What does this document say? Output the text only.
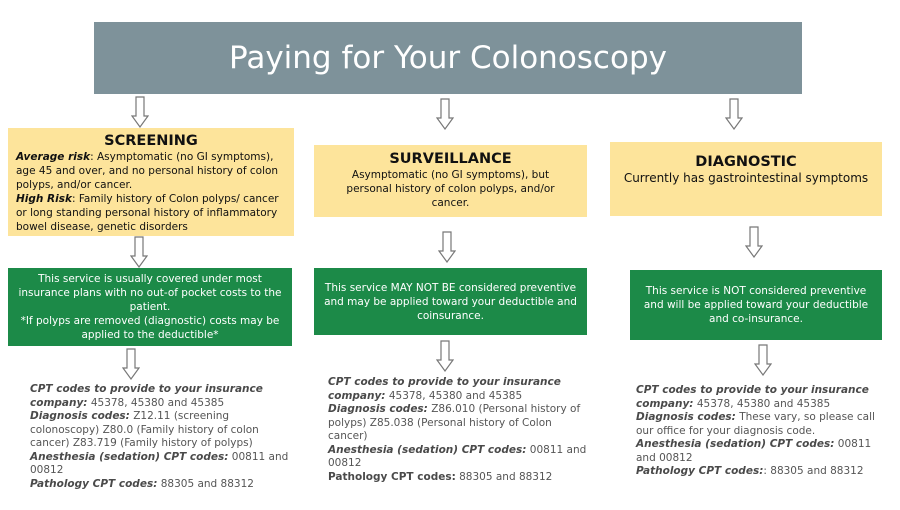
Paying for Your Colonoscopy
SCREENING
Average risk: Asymptomatic (no GI symptoms), age 45 and over, and no personal history of colon polyps, and/or cancer.
High Risk: Family history of Colon polyps/ cancer or long standing personal history of inflammatory bowel disease, genetic disorders
This service is usually covered under most insurance plans with no out-of pocket costs to the patient.
*If polyps are removed (diagnostic) costs may be applied to the deductible*
CPT codes to provide to your insurance company: 45378, 45380 and 45385
Diagnosis codes: Z12.11 (screening colonoscopy) Z80.0 (Family history of colon cancer) Z83.719 (Family history of polyps)
Anesthesia (sedation) CPT codes: 00811 and 00812
Pathology CPT codes: 88305 and 88312
SURVEILLANCE
Asymptomatic (no GI symptoms), but personal history of colon polyps, and/or cancer.
This service MAY NOT BE considered preventive and may be applied toward your deductible and coinsurance.
CPT codes to provide to your insurance company: 45378, 45380 and 45385
Diagnosis codes: Z86.010 (Personal history of polyps) Z85.038 (Personal history of Colon cancer)
Anesthesia (sedation) CPT codes: 00811 and 00812
Pathology CPT codes: 88305 and 88312
DIAGNOSTIC
Currently has gastrointestinal symptoms
This service is NOT considered preventive and will be applied toward your deductible and co-insurance.
CPT codes to provide to your insurance company: 45378, 45380 and 45385
Diagnosis codes: These vary, so please call our office for your diagnosis code.
Anesthesia (sedation) CPT codes: 00811 and 00812
Pathology CPT codes:: 88305 and 88312
